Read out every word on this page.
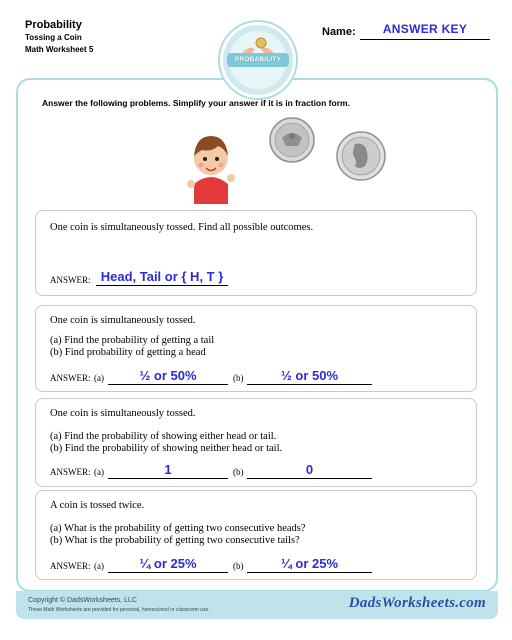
Probability
Tossing a Coin
Math Worksheet 5
Name:	ANSWER KEY
PROBABILITY
Answer the following problems. Simplify your answer if it is in fraction form.
One coin is simultaneously tossed. Find all possible outcomes.
ANSWER: Head, Tail or { H, T }
One coin is simultaneously tossed.
(a) Find the probability of getting a tail
(b) Find probability of getting a head
ANSWER: (a)	½ or 50%	(b)	½ or 50%
One coin is simultaneously tossed.
(a) Find the probability of showing either head or tail.
(b) Find the probability of showing neither head or tail.
ANSWER: (a)	1	(b)	0
A coin is tossed twice.
(a) What is the probability of getting two consecutive heads?
(b) What is the probability of getting two consecutive tails?
ANSWER: (a)	¼ or 25%	(b)	¼ or 25%
Copyright © DadsWorksheets, LLC
These Math Worksheets are provided for personal, homeschool or classroom use.	DadsWorksheets.com
